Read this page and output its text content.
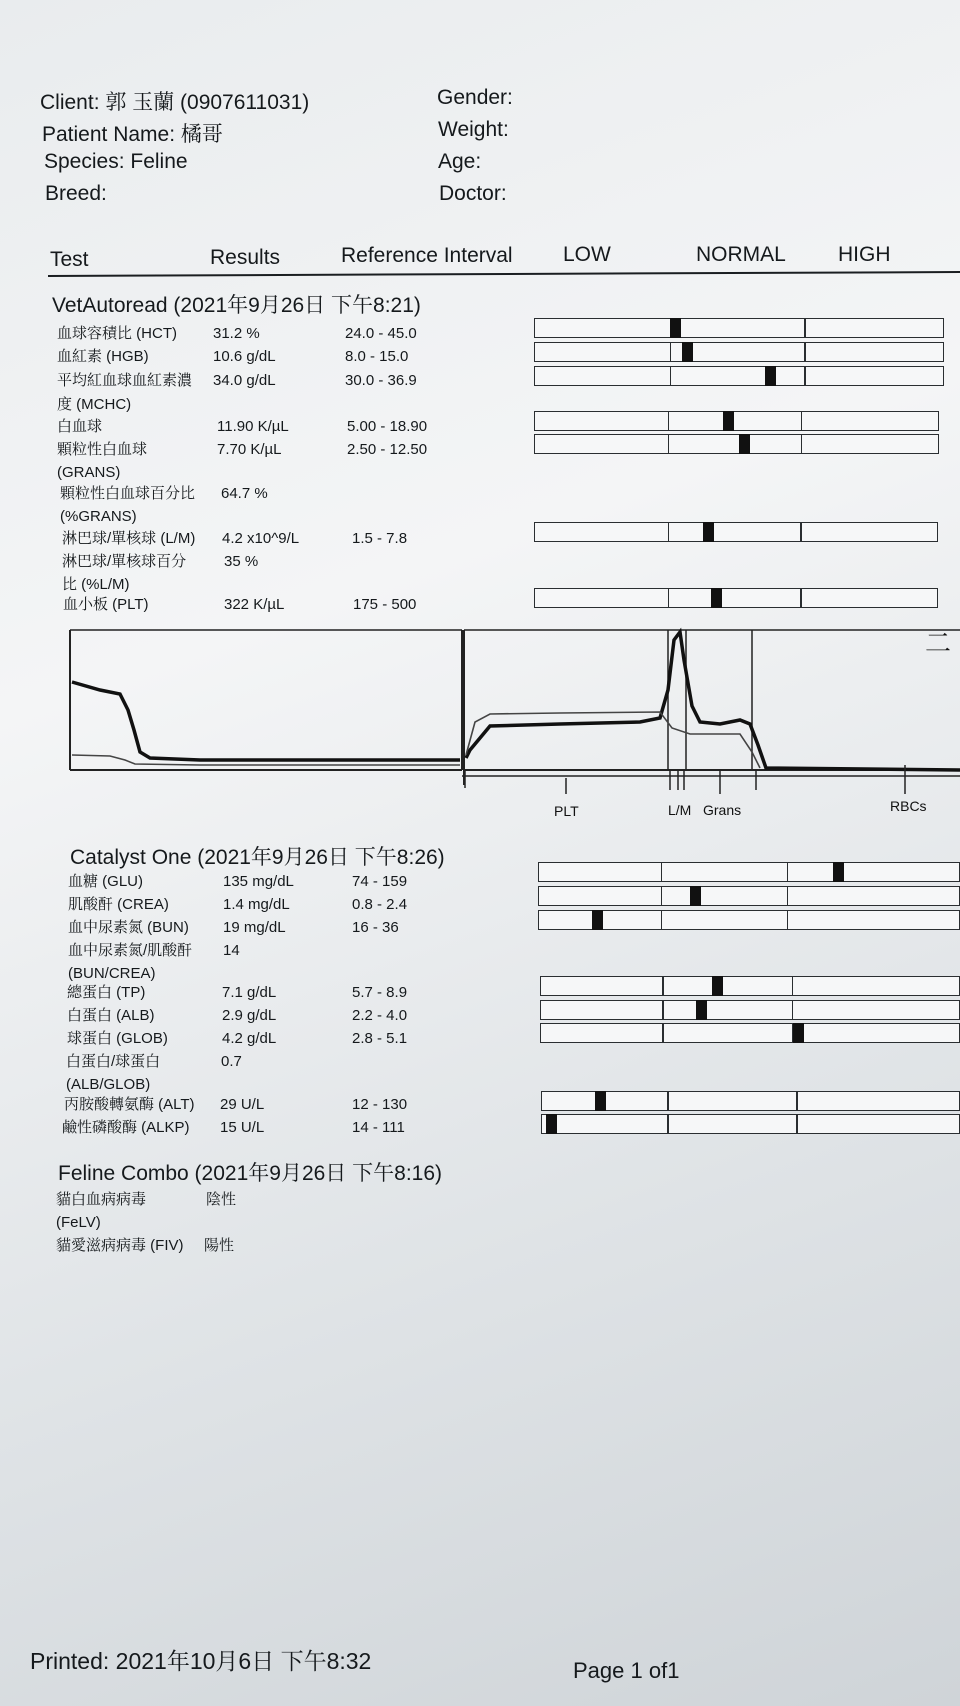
Client: 郭 玉蘭 (0907611031)
Patient Name: 橘哥
Species: Feline
Breed:
Gender:
Weight:
Age:
Doctor:
Test	Results	Reference Interval LOW	NORMAL HIGH
VetAutoread (2021年9月26日 下午8:21)
血球容積比 (HCT) 31.2 %	24.0 - 45.0
血紅素 (HGB)	10.6 g/dL	8.0 - 15.0
平均紅血球血紅素濃
度 (MCHC)
34.0 g/dL	30.0 - 36.9
白血球	11.90 K/µL	5.00 - 18.90
顆粒性白血球
(GRANS)
7.70 K/µL	2.50 - 12.50
顆粒性白血球百分比
(%GRANS)
64.7 %
淋巴球/單核球 (L/M) 4.2 x10^9/L	1.5 - 7.8
淋巴球/單核球百分
比 (%L/M)
35 %
血小板 (PLT)	322 K/µL	175 - 500
二
PLT	L/M Grans	RBCs
Catalyst One (2021年9月26日 下午8:26)
血糖 (GLU)	135 mg/dL	74 - 159
肌酸酐 (CREA)	1.4 mg/dL	0.8 - 2.4
血中尿素氮 (BUN) 19 mg/dL	16 - 36
血中尿素氮/肌酸酐
(BUN/CREA)
14
總蛋白 (TP)	7.1 g/dL	5.7 - 8.9
白蛋白 (ALB)	2.9 g/dL	2.2 - 4.0
球蛋白 (GLOB)	4.2 g/dL	2.8 - 5.1
白蛋白/球蛋白
(ALB/GLOB)
0.7
丙胺酸轉氨酶 (ALT) 29 U/L	12 - 130
鹼性磷酸酶 (ALKP) 15 U/L	14 - 111
Feline Combo (2021年9月26日 下午8:16)
貓白血病病毒
(FeLV)
陰性
貓愛滋病病毒 (FIV) 陽性
Printed: 2021年10月6日 下午8:32	Page 1 of1
